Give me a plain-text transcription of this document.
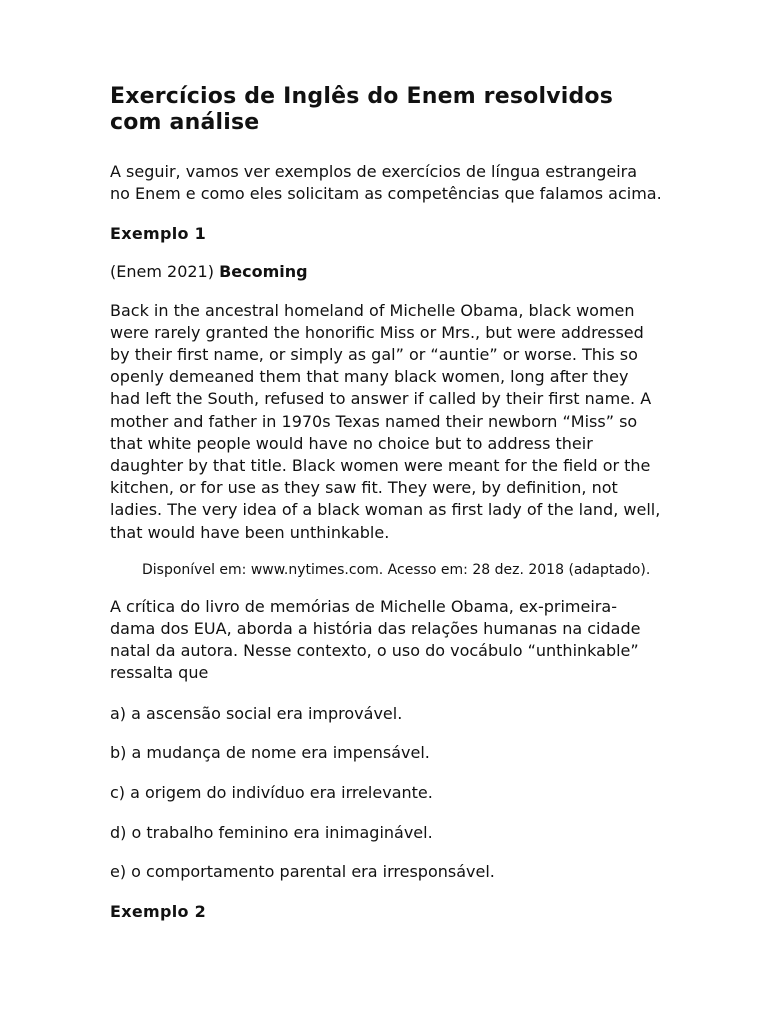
Exercícios de Inglês do Enem resolvidos com análise

A seguir, vamos ver exemplos de exercícios de língua estrangeira no Enem e como eles solicitam as competências que falamos acima.

Exemplo 1

(Enem 2021) Becoming

Back in the ancestral homeland of Michelle Obama, black women were rarely granted the honorific Miss or Mrs., but were addressed by their first name, or simply as gal” or “auntie” or worse. This so openly demeaned them that many black women, long after they had left the South, refused to answer if called by their first name. A mother and father in 1970s Texas named their newborn “Miss” so that white people would have no choice but to address their daughter by that title. Black women were meant for the field or the kitchen, or for use as they saw fit. They were, by definition, not ladies. The very idea of a black woman as first lady of the land, well, that would have been unthinkable.

Disponível em: www.nytimes.com. Acesso em: 28 dez. 2018 (adaptado).

A crítica do livro de memórias de Michelle Obama, ex-primeira-dama dos EUA, aborda a história das relações humanas na cidade natal da autora. Nesse contexto, o uso do vocábulo “unthinkable” ressalta que

a) a ascensão social era improvável.

b) a mudança de nome era impensável.

c) a origem do indivíduo era irrelevante.

d) o trabalho feminino era inimaginável.

e) o comportamento parental era irresponsável.

Exemplo 2
